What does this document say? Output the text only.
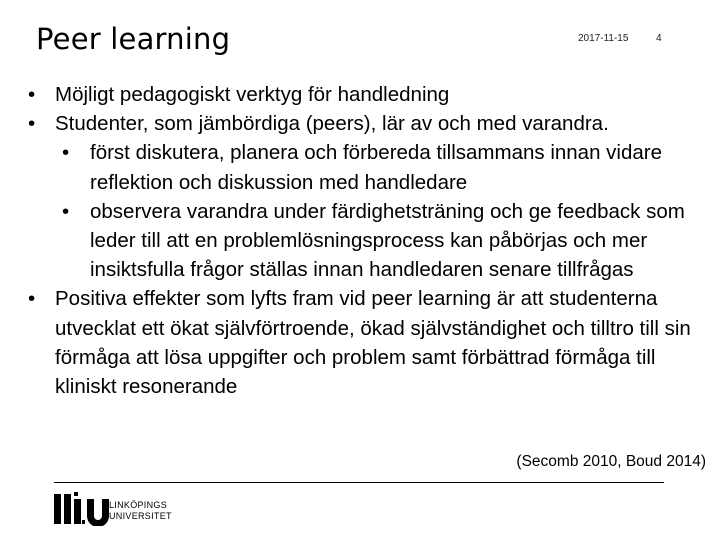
Peer learning	2017-11-15	4

• Möjligt pedagogiskt verktyg för handledning

• Studenter, som jämbördiga (peers), lär av och med varandra.

• först diskutera, planera och förbereda tillsammans innan vidare reflektion och diskussion med handledare

• observera varandra under färdighetsträning och ge feedback som leder till att en problemlösningsprocess kan påbörjas och mer insiktsfulla frågor ställas innan handledaren senare tillfrågas

• Positiva effekter som lyfts fram vid peer learning är att studenterna utvecklat ett ökat självförtroende, ökad självständighet och tilltro till sin förmåga att lösa uppgifter och problem samt förbättrad förmåga till kliniskt resonerande

(Secomb 2010, Boud 2014)
LINKÖPINGS
UNIVERSITET
